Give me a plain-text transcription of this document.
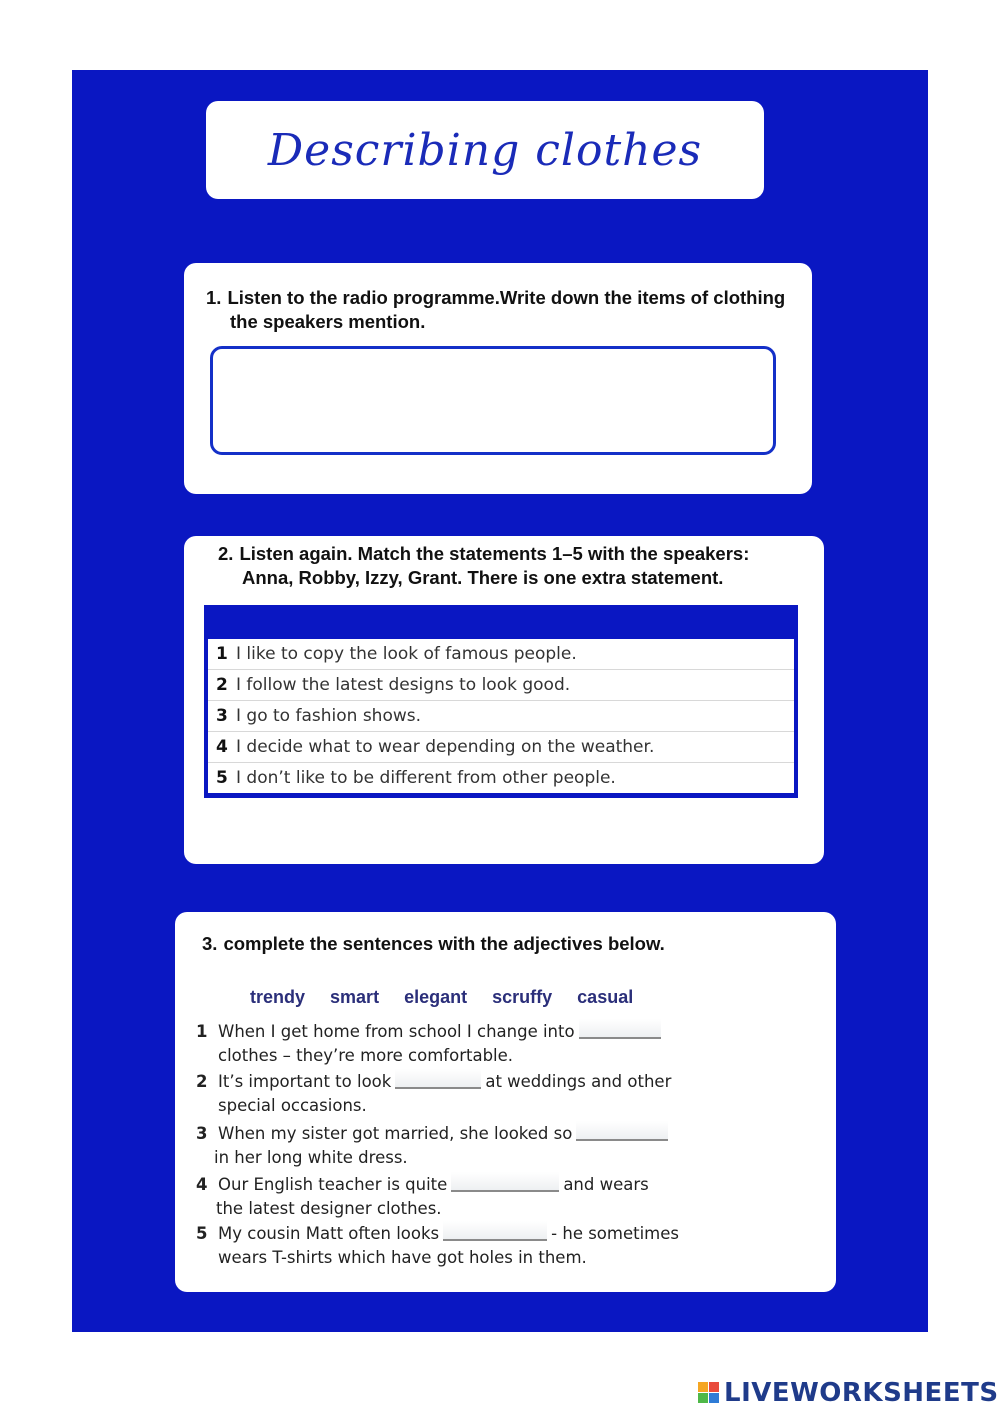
Describing clothes
1. Listen to the radio programme.Write down the items of clothing
the speakers mention.
2. Listen again. Match the statements 1–5 with the speakers:
Anna, Robby, Izzy, Grant. There is one extra statement.
1 I like to copy the look of famous people.
2 I follow the latest designs to look good.
3 I go to fashion shows.
4 I decide what to wear depending on the weather.
5 I don’t like to be different from other people.
3. complete the sentences with the adjectives below.
trendy smart elegant scruffy casual
1 When I get home from school I change into
clothes – they’re more comfortable.
2 It’s important to look	at weddings and other
special occasions.
3 When my sister got married, she looked so
in her long white dress.
4 Our English teacher is quite	and wears
the latest designer clothes.
5 My cousin Matt often looks	- he sometimes
wears T-shirts which have got holes in them.
LIVEWORKSHEETS
